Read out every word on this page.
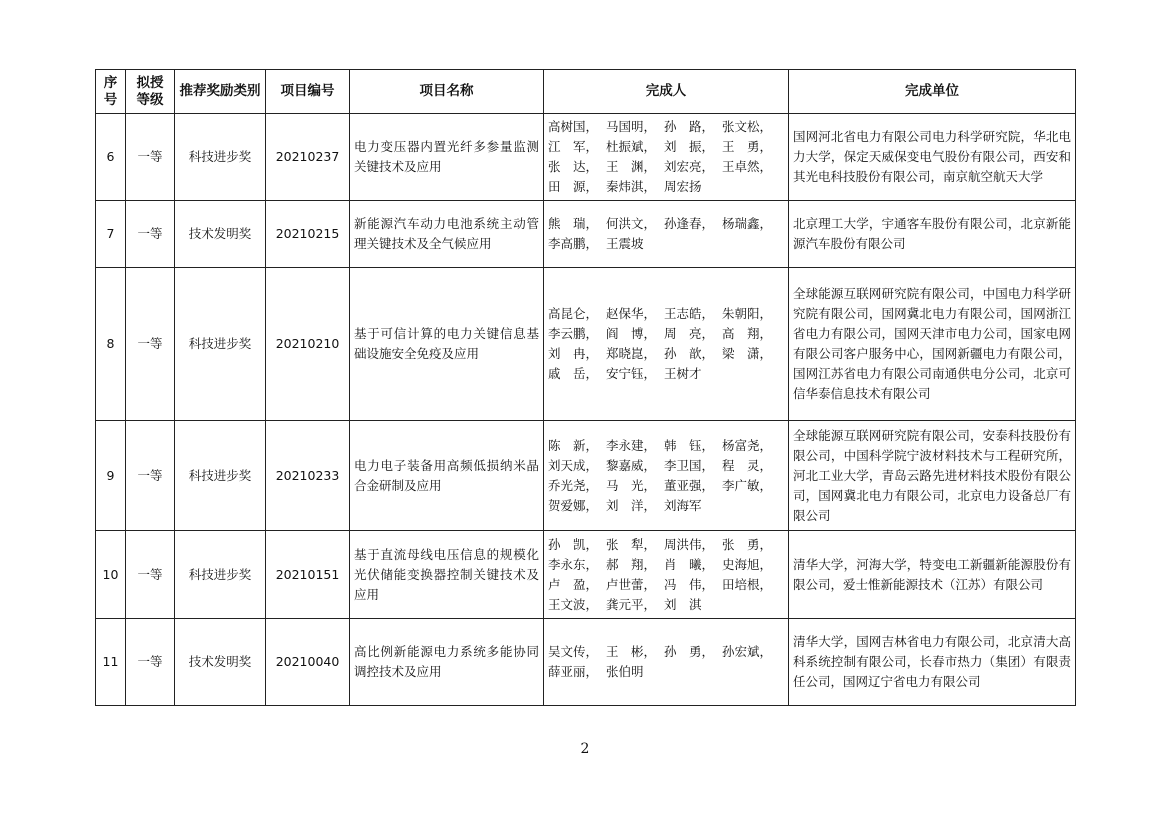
序号	拟授等级	推荐奖励类别	项目编号	项目名称	完成人	完成单位
6	一等	科技进步奖	20210237	电力变压器内置光纤多参量监测关键技术及应用	高树国， 马国明， 孙　路， 张文松，江　军， 杜振斌， 刘　振， 王　勇，张　达， 王　渊， 刘宏亮， 王卓然，田　源， 秦炜淇， 周宏扬	国网河北省电力有限公司电力科学研究院，华北电力大学，保定天威保变电气股份有限公司，西安和其光电科技股份有限公司，南京航空航天大学
7	一等	技术发明奖	20210215	新能源汽车动力电池系统主动管理关键技术及全气候应用	熊　瑞， 何洪文， 孙逢春， 杨瑞鑫，李高鹏， 王震坡	北京理工大学，宇通客车股份有限公司，北京新能源汽车股份有限公司
8	一等	科技进步奖	20210210	基于可信计算的电力关键信息基础设施安全免疫及应用	高昆仑， 赵保华， 王志皓， 朱朝阳，李云鹏， 阎　博， 周　亮， 高　翔，刘　冉， 郑晓崑， 孙　歆， 梁　潇，戚　岳， 安宁钰， 王树才	全球能源互联网研究院有限公司，中国电力科学研究院有限公司，国网冀北电力有限公司，国网浙江省电力有限公司，国网天津市电力公司，国家电网有限公司客户服务中心，国网新疆电力有限公司，国网江苏省电力有限公司南通供电分公司，北京可信华泰信息技术有限公司
9	一等	科技进步奖	20210233	电力电子装备用高频低损纳米晶合金研制及应用	陈　新， 李永建， 韩　钰， 杨富尧，刘天成， 黎嘉威， 李卫国， 程　灵，乔光尧， 马　光， 董亚强， 李广敏，贺爱娜， 刘　洋， 刘海军	全球能源互联网研究院有限公司，安泰科技股份有限公司，中国科学院宁波材料技术与工程研究所，河北工业大学，青岛云路先进材料技术股份有限公司，国网冀北电力有限公司，北京电力设备总厂有限公司
10	一等	科技进步奖	20210151	基于直流母线电压信息的规模化光伏储能变换器控制关键技术及应用	孙　凯， 张　犁， 周洪伟， 张　勇，李永东， 郝　翔， 肖　曦， 史海旭，卢　盈， 卢世蕾， 冯　伟， 田培根，王文波， 龚元平， 刘　淇	清华大学，河海大学，特变电工新疆新能源股份有限公司，爱士惟新能源技术（江苏）有限公司
11	一等	技术发明奖	20210040	高比例新能源电力系统多能协同调控技术及应用	吴文传， 王　彬， 孙　勇， 孙宏斌，薛亚丽， 张伯明	清华大学，国网吉林省电力有限公司，北京清大高科系统控制有限公司，长春市热力（集团）有限责任公司，国网辽宁省电力有限公司
2
